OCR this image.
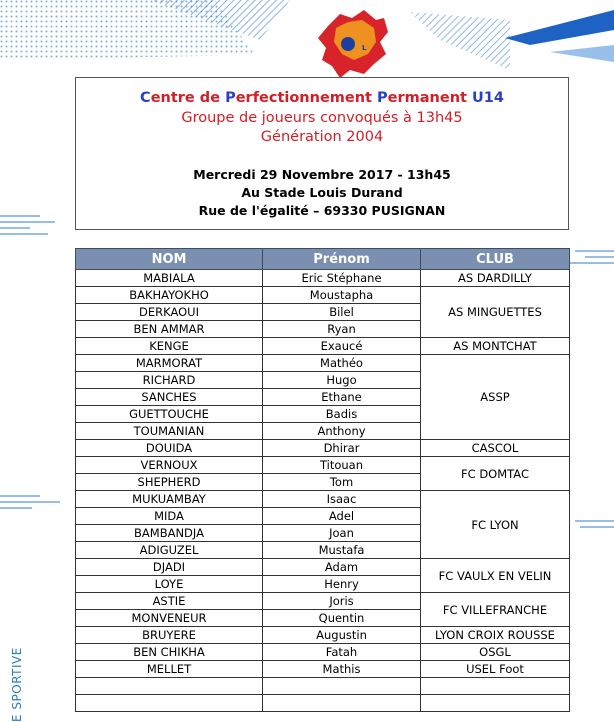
L
Centre de Perfectionnement Permanent U14
Groupe de joueurs convoqués à 13h45
Génération 2004
Mercredi 29 Novembre 2017 - 13h45
Au Stade Louis Durand
Rue de l'égalité – 69330 PUSIGNAN
NOM	Prénom	CLUB
MABIALA	Eric Stéphane	AS DARDILLY
BAKHAYOKHO	Moustapha	AS MINGUETTES
DERKAOUI	Bilel	
BEN AMMAR	Ryan	
KENGE	Exaucé	AS MONTCHAT
MARMORAT	Mathéo	ASSP
RICHARD	Hugo	
SANCHES	Ethane	
GUETTOUCHE	Badis	
TOUMANIAN	Anthony	
DOUIDA	Dhirar	CASCOL
VERNOUX	Titouan	FC DOMTAC
SHEPHERD	Tom	
MUKUAMBAY	Isaac	FC LYON
MIDA	Adel	
BAMBANDJA	Joan	
ADIGUZEL	Mustafa	
DJADI	Adam	FC VAULX EN VELIN
LOYE	Henry	
ASTIE	Joris	FC VILLEFRANCHE
MONVENEUR	Quentin	
BRUYERE	Augustin	LYON CROIX ROUSSE
BEN CHIKHA	Fatah	OSGL
MELLET	Mathis	USEL Foot

E SPORTIVE
